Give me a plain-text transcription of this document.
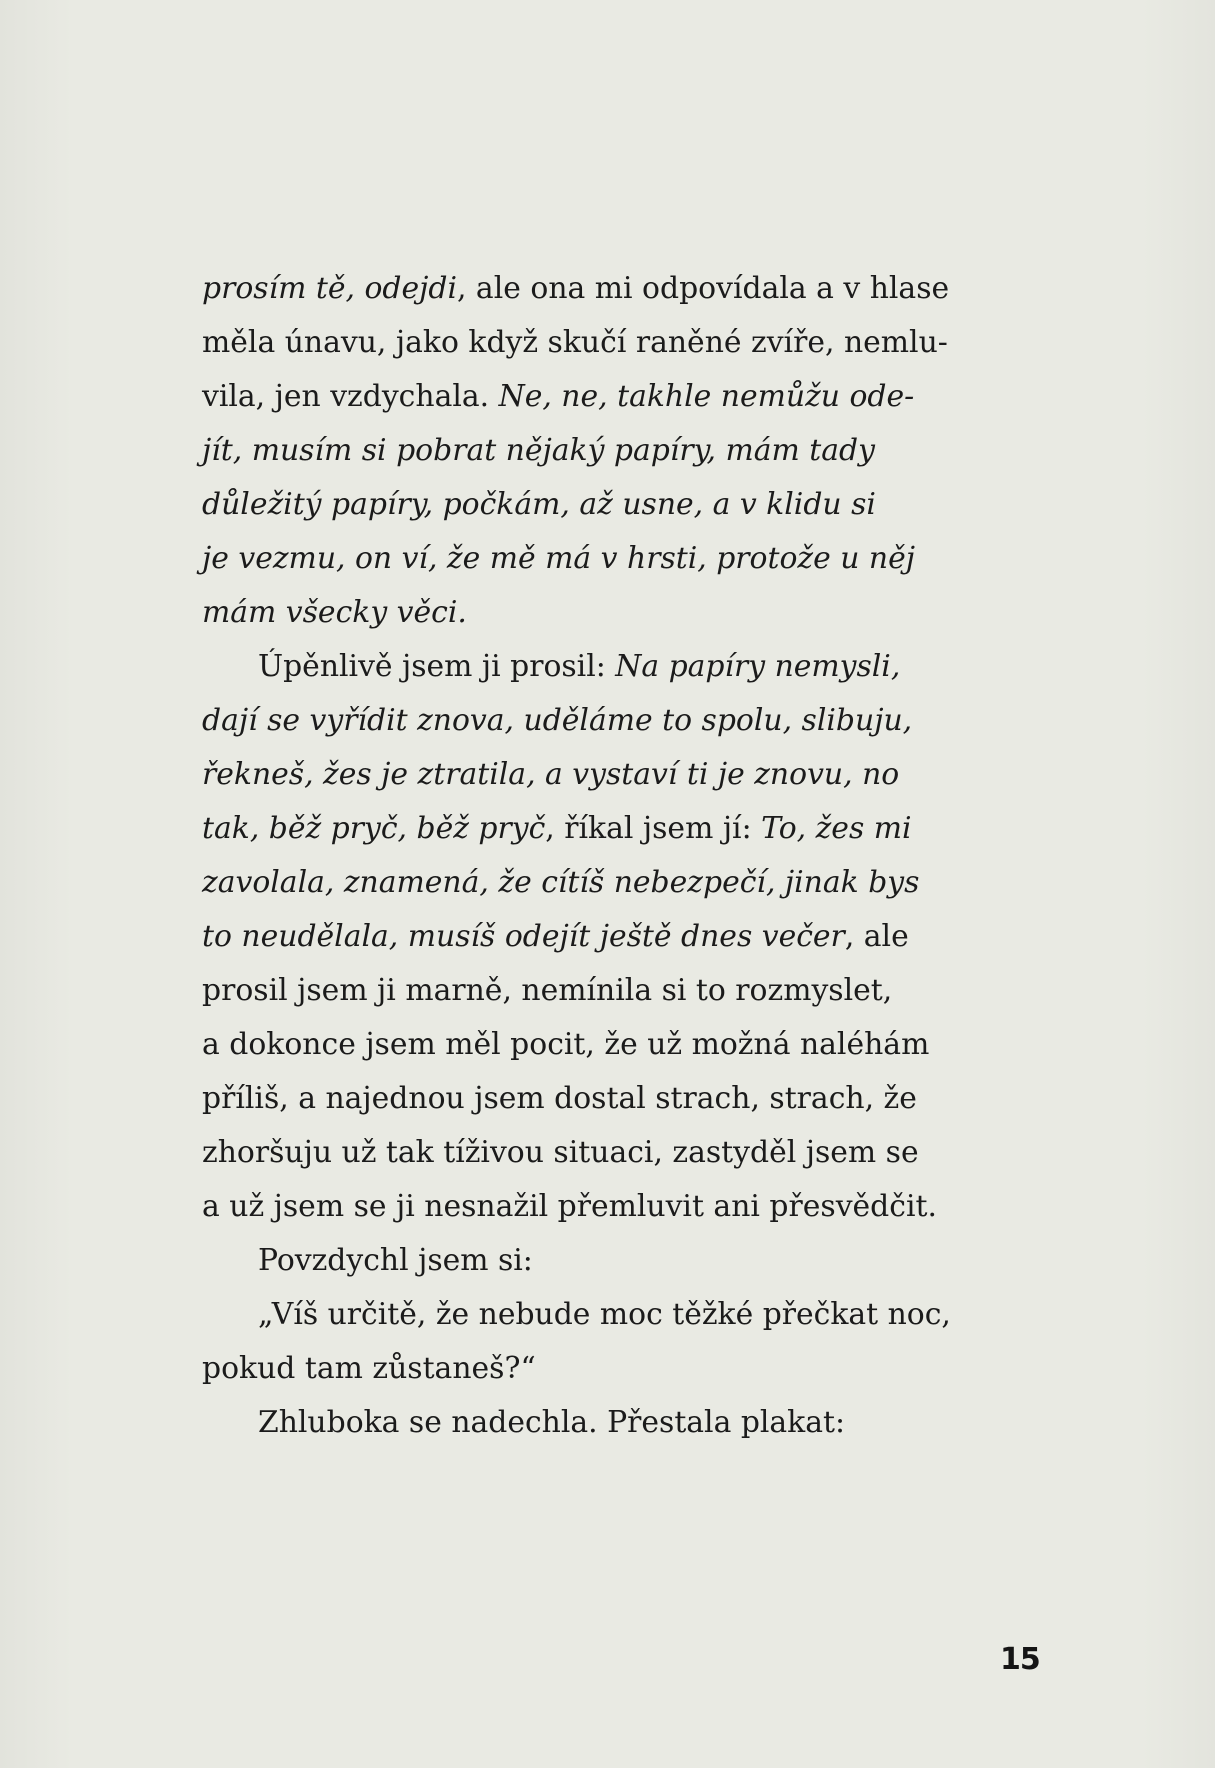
prosím tě, odejdi, ale ona mi odpovídala a v hlase
měla únavu, jako když skučí raněné zvíře, nemlu-
vila, jen vzdychala. Ne, ne, takhle nemůžu ode-
jít, musím si pobrat nějaký papíry, mám tady
důležitý papíry, počkám, až usne, a v klidu si
je vezmu, on ví, že mě má v hrsti, protože u něj
mám všecky věci.
Úpěnlivě jsem ji prosil: Na papíry nemysli,
dají se vyřídit znova, uděláme to spolu, slibuju,
řekneš, žes je ztratila, a vystaví ti je znovu, no
tak, běž pryč, běž pryč, říkal jsem jí: To, žes mi
zavolala, znamená, že cítíš nebezpečí, jinak bys
to neudělala, musíš odejít ještě dnes večer, ale
prosil jsem ji marně, nemínila si to rozmyslet,
a dokonce jsem měl pocit, že už možná naléhám
příliš, a najednou jsem dostal strach, strach, že
zhoršuju už tak tíživou situaci, zastyděl jsem se
a už jsem se ji nesnažil přemluvit ani přesvědčit.
Povzdychl jsem si:
„Víš určitě, že nebude moc těžké přečkat noc,
pokud tam zůstaneš?“
Zhluboka se nadechla. Přestala plakat:
15
